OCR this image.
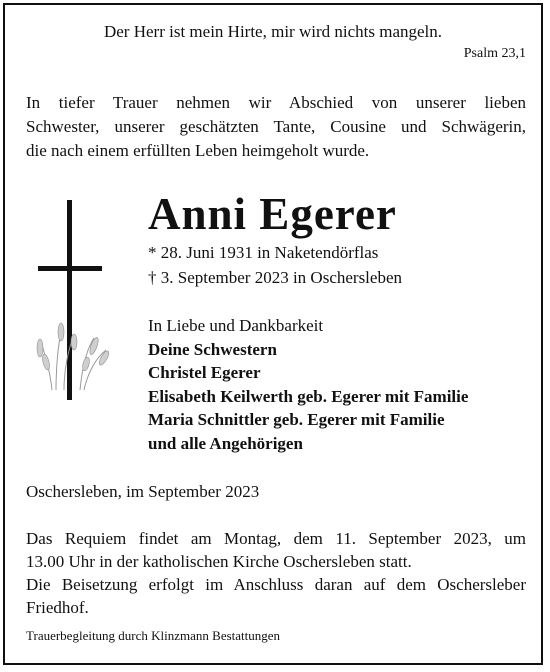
Der Herr ist mein Hirte, mir wird nichts mangeln.

Psalm 23,1

In tiefer Trauer nehmen wir Abschied von unserer lieben
Schwester, unserer geschätzten Tante, Cousine und Schwägerin,
die nach einem erfüllten Leben heimgeholt wurde.

Anni Egerer

* 28. Juni 1931 in Naketendörflas

† 3. September 2023 in Oschersleben

In Liebe und Dankbarkeit
Deine Schwestern
Christel Egerer
Elisabeth Keilwerth geb. Egerer mit Familie
Maria Schnittler geb. Egerer mit Familie
und alle Angehörigen

Oschersleben, im September 2023

Das Requiem findet am Montag, dem 11. September 2023, um
13.00 Uhr in der katholischen Kirche Oschersleben statt.
Die Beisetzung erfolgt im Anschluss daran auf dem Oschersleber
Friedhof.

Trauerbegleitung durch Klinzmann Bestattungen
